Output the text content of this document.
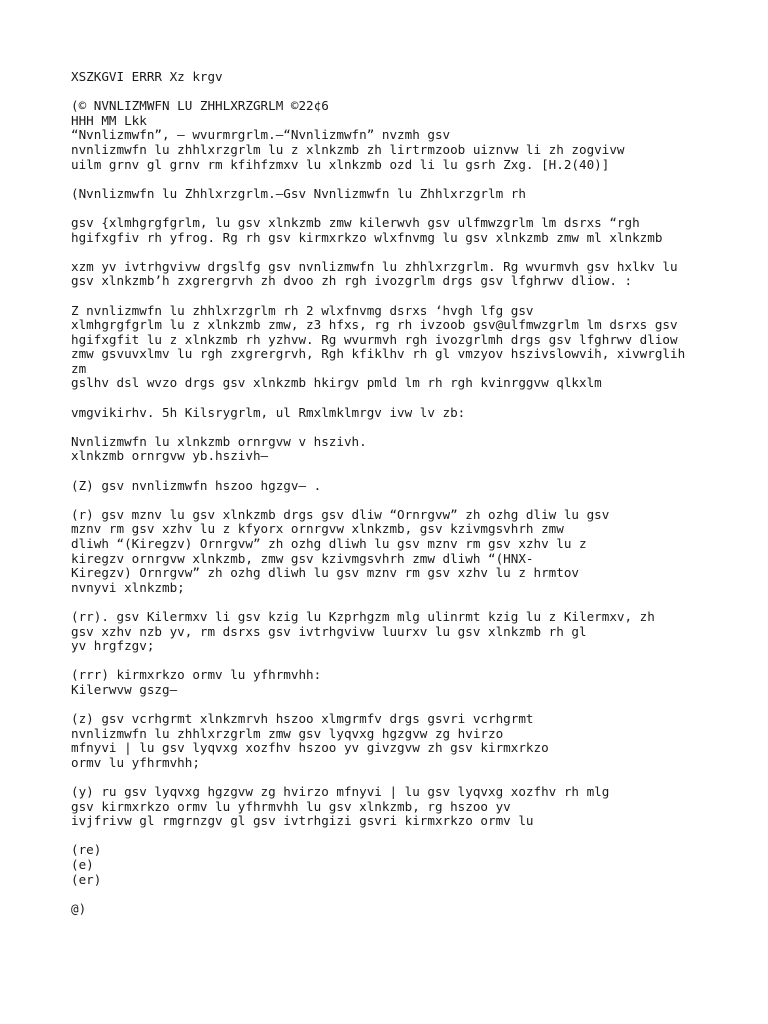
XSZKGVI ERRR Xz krgv
(© NVNLIZMWFN LU ZHHLXRZGRLM ©22¢6
HHH MM Lkk
“Nvnlizmwfn”, — wvurmrgrlm.—“Nvnlizmwfn” nvzmh gsv
nvnlizmwfn lu zhhlxrzgrlm lu z xlnkzmb zh lirtrmzoob uiznvw li zh zogvivw
uilm grnv gl grnv rm kfihfzmxv lu xlnkzmb ozd li lu gsrh Zxg. [H.2(40)]
(Nvnlizmwfn lu Zhhlxrzgrlm.—Gsv Nvnlizmwfn lu Zhhlxrzgrlm rh
gsv {xlmhgrgfgrlm, lu gsv xlnkzmb zmw kilerwvh gsv ulfmwzgrlm lm dsrxs “rgh
hgifxgfiv rh yfrog. Rg rh gsv kirmxrkzo wlxfnvmg lu gsv xlnkzmb zmw ml xlnkzmb
xzm yv ivtrhgvivw drgslfg gsv nvnlizmwfn lu zhhlxrzgrlm. Rg wvurmvh gsv hxlkv lu
gsv xlnkzmb’h zxgrergrvh zh dvoo zh rgh ivozgrlm drgs gsv lfghrwv dliow. :
Z nvnlizmwfn lu zhhlxrzgrlm rh 2 wlxfnvmg dsrxs ‘hvgh lfg gsv
xlmhgrgfgrlm lu z xlnkzmb zmw, z3 hfxs, rg rh ivzoob gsv@ulfmwzgrlm lm dsrxs gsv
hgifxgfit lu z xlnkzmb rh yzhvw. Rg wvurmvh rgh ivozgrlmh drgs gsv lfghrwv dliow
zmw gsvuvxlmv lu rgh zxgrergrvh, Rgh kfiklhv rh gl vmzyov hszivslowvih, xivwrglih
zm
gslhv dsl wvzo drgs gsv xlnkzmb hkirgv pmld lm rh rgh kvinrggvw qlkxlm
vmgvikirhv. 5h Kilsrygrlm, ul Rmxlmklmrgv ivw lv zb:
Nvnlizmwfn lu xlnkzmb ornrgvw v hszivh.
xlnkzmb ornrgvw yb.hszivh—
(Z) gsv nvnlizmwfn hszoo hgzgv— .
(r) gsv mznv lu gsv xlnkzmb drgs gsv dliw “Ornrgvw” zh ozhg dliw lu gsv
mznv rm gsv xzhv lu z kfyorx ornrgvw xlnkzmb, gsv kzivmgsvhrh zmw
dliwh “(Kiregzv) Ornrgvw” zh ozhg dliwh lu gsv mznv rm gsv xzhv lu z
kiregzv ornrgvw xlnkzmb, zmw gsv kzivmgsvhrh zmw dliwh “(HNX-
Kiregzv) Ornrgvw” zh ozhg dliwh lu gsv mznv rm gsv xzhv lu z hrmtov
nvnyvi xlnkzmb;
(rr). gsv Kilermxv li gsv kzig lu Kzprhgzm mlg ulinrmt kzig lu z Kilermxv, zh
gsv xzhv nzb yv, rm dsrxs gsv ivtrhgvivw luurxv lu gsv xlnkzmb rh gl
yv hrgfzgv;
(rrr) kirmxrkzo ormv lu yfhrmvhh:
Kilerwvw gszg—
(z) gsv vcrhgrmt xlnkzmrvh hszoo xlmgrmfv drgs gsvri vcrhgrmt
nvnlizmwfn lu zhhlxrzgrlm zmw gsv lyqvxg hgzgvw zg hvirzo
mfnyvi | lu gsv lyqvxg xozfhv hszoo yv givzgvw zh gsv kirmxrkzo
ormv lu yfhrmvhh;
(y) ru gsv lyqvxg hgzgvw zg hvirzo mfnyvi | lu gsv lyqvxg xozfhv rh mlg
gsv kirmxrkzo ormv lu yfhrmvhh lu gsv xlnkzmb, rg hszoo yv
ivjfrivw gl rmgrnzgv gl gsv ivtrhgizi gsvri kirmxrkzo ormv lu
(re)
(e)
(er)
@)
